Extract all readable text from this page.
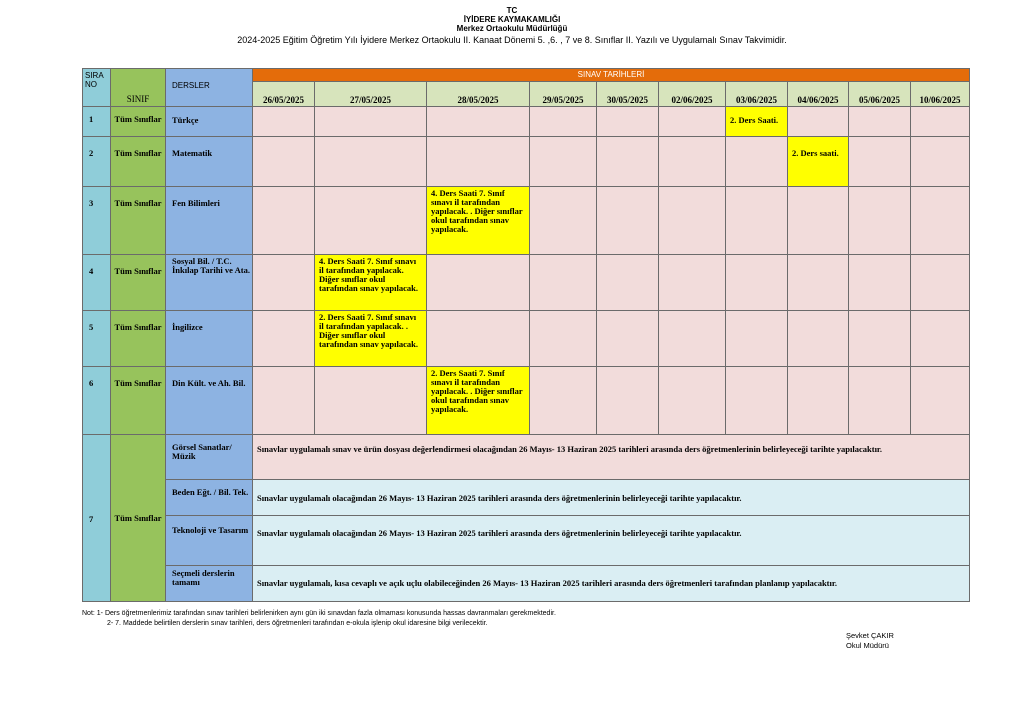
TC
İYİDERE KAYMAKAMLIĞI
Merkez Ortaokulu Müdürlüğü
2024-2025 Eğitim Öğretim Yılı İyidere Merkez Ortaokulu II. Kanaat Dönemi 5. ,6. , 7 ve 8. Sınıflar II. Yazılı ve Uygulamalı Sınav Takvimidir.
SIRA NO	SINIF	DERSLER	SINAV TARİHLERİ									
			26/05/2025	27/05/2025	28/05/2025	29/05/2025	30/05/2025	02/06/2025	03/06/2025	04/06/2025	05/06/2025	10/06/2025
1	Tüm Sınıflar	Türkçe							2. Ders Saati.			
2	Tüm Sınıflar	Matematik								2. Ders saati.		
3	Tüm Sınıflar	Fen Bilimleri			4. Ders Saati 7. Sınıf sınavı il tarafından yapılacak. . Diğer sınıflar okul tarafından sınav yapılacak.							
4	Tüm Sınıflar	Sosyal Bil. / T.C. İnkılap Tarihi ve Ata.		4. Ders Saati 7. Sınıf sınavı il tarafından yapılacak. Diğer sınıflar okul tarafından sınav yapılacak.								
5	Tüm Sınıflar	İngilizce		2. Ders Saati 7. Sınıf sınavı il tarafından yapılacak. . Diğer sınıflar okul tarafından sınav yapılacak.								
6	Tüm Sınıflar	Din Kült. ve Ah. Bil.			2. Ders Saati 7. Sınıf sınavı il tarafından yapılacak. . Diğer sınıflar okul tarafından sınav yapılacak.							
7	Tüm Sınıflar	Görsel Sanatlar/ Müzik	Sınavlar uygulamalı sınav ve ürün dosyası değerlendirmesi olacağından 26 Mayıs- 13 Haziran 2025 tarihleri arasında ders öğretmenlerinin belirleyeceği tarihte yapılacaktır.									
		Beden Eğt. / Bil. Tek.	Sınavlar uygulamalı olacağından 26 Mayıs- 13 Haziran 2025 tarihleri arasında ders öğretmenlerinin belirleyeceği tarihte yapılacaktır.									
		Teknoloji ve Tasarım	Sınavlar uygulamalı olacağından 26 Mayıs- 13 Haziran 2025 tarihleri arasında ders öğretmenlerinin belirleyeceği tarihte yapılacaktır.									
		Seçmeli derslerin tamamı	Sınavlar uygulamalı, kısa cevaplı ve açık uçlu olabileceğinden 26 Mayıs- 13 Haziran 2025 tarihleri arasında ders öğretmenleri tarafından planlanıp yapılacaktır.									
Not: 1- Ders öğretmenlerimiz tarafından sınav tarihleri belirlenirken aynı gün iki sınavdan fazla olmaması konusunda hassas davranmaları gerekmektedir.
2- 7. Maddede belirtilen derslerin sınav tarihleri, ders öğretmenleri tarafından e-okula işlenip okul idaresine bilgi verilecektir.
Şevket ÇAKIR
Okul Müdürü
